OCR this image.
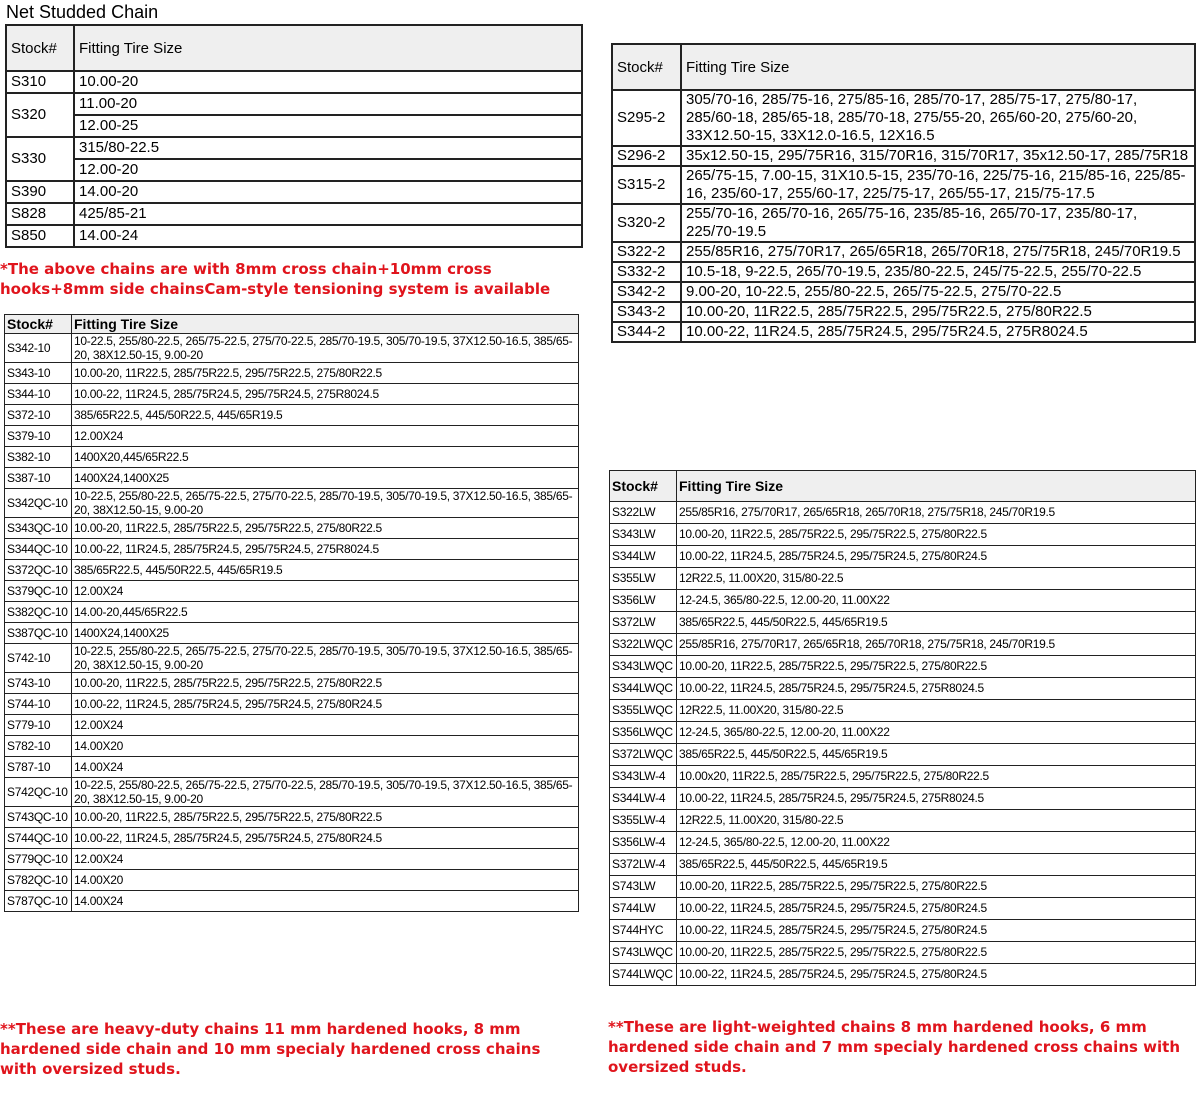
Net Studded Chain
Stock#	Fitting Tire Size
S310	10.00-20
S320	11.00-20
	12.00-25
S330	315/80-22.5
	12.00-20
S390	14.00-20
S828	425/85-21
S850	14.00-24
*The above chains are with 8mm cross chain+10mm cross hooks+8mm side chainsCam-style tensioning system is available
Stock#	Fitting Tire Size
S295-2	305/70-16, 285/75-16, 275/85-16, 285/70-17, 285/75-17, 275/80-17, 285/60-18, 285/65-18, 285/70-18, 275/55-20, 265/60-20, 275/60-20, 33X12.50-15, 33X12.0-16.5, 12X16.5
S296-2	35x12.50-15, 295/75R16, 315/70R16, 315/70R17, 35x12.50-17, 285/75R18
S315-2	265/75-15, 7.00-15, 31X10.5-15, 235/70-16, 225/75-16, 215/85-16, 225/85-16, 235/60-17, 255/60-17, 225/75-17, 265/55-17, 215/75-17.5
S320-2	255/70-16, 265/70-16, 265/75-16, 235/85-16, 265/70-17, 235/80-17, 225/70-19.5
S322-2	255/85R16, 275/70R17, 265/65R18, 265/70R18, 275/75R18, 245/70R19.5
S332-2	10.5-18, 9-22.5, 265/70-19.5, 235/80-22.5, 245/75-22.5, 255/70-22.5
S342-2	9.00-20, 10-22.5, 255/80-22.5, 265/75-22.5, 275/70-22.5
S343-2	10.00-20, 11R22.5, 285/75R22.5, 295/75R22.5, 275/80R22.5
S344-2	10.00-22, 11R24.5, 285/75R24.5, 295/75R24.5, 275R8024.5
Stock#	Fitting Tire Size
S342-10	10-22.5, 255/80-22.5, 265/75-22.5, 275/70-22.5, 285/70-19.5, 305/70-19.5, 37X12.50-16.5, 385/65-20, 38X12.50-15, 9.00-20
S343-10	10.00-20, 11R22.5, 285/75R22.5, 295/75R22.5, 275/80R22.5
S344-10	10.00-22, 11R24.5, 285/75R24.5, 295/75R24.5, 275R8024.5
S372-10	385/65R22.5, 445/50R22.5, 445/65R19.5
S379-10	12.00X24
S382-10	1400X20,445/65R22.5
S387-10	1400X24,1400X25
S342QC-10	10-22.5, 255/80-22.5, 265/75-22.5, 275/70-22.5, 285/70-19.5, 305/70-19.5, 37X12.50-16.5, 385/65-20, 38X12.50-15, 9.00-20
S343QC-10	10.00-20, 11R22.5, 285/75R22.5, 295/75R22.5, 275/80R22.5
S344QC-10	10.00-22, 11R24.5, 285/75R24.5, 295/75R24.5, 275R8024.5
S372QC-10	385/65R22.5, 445/50R22.5, 445/65R19.5
S379QC-10	12.00X24
S382QC-10	14.00-20,445/65R22.5
S387QC-10	1400X24,1400X25
S742-10	10-22.5, 255/80-22.5, 265/75-22.5, 275/70-22.5, 285/70-19.5, 305/70-19.5, 37X12.50-16.5, 385/65-20, 38X12.50-15, 9.00-20
S743-10	10.00-20, 11R22.5, 285/75R22.5, 295/75R22.5, 275/80R22.5
S744-10	10.00-22, 11R24.5, 285/75R24.5, 295/75R24.5, 275/80R24.5
S779-10	12.00X24
S782-10	14.00X20
S787-10	14.00X24
S742QC-10	10-22.5, 255/80-22.5, 265/75-22.5, 275/70-22.5, 285/70-19.5, 305/70-19.5, 37X12.50-16.5, 385/65-20, 38X12.50-15, 9.00-20
S743QC-10	10.00-20, 11R22.5, 285/75R22.5, 295/75R22.5, 275/80R22.5
S744QC-10	10.00-22, 11R24.5, 285/75R24.5, 295/75R24.5, 275/80R24.5
S779QC-10	12.00X24
S782QC-10	14.00X20
S787QC-10	14.00X24
**These are heavy-duty chains 11 mm hardened hooks, 8 mm hardened side chain and 10 mm specialy hardened cross chains with oversized studs.
Stock#	Fitting Tire Size
S322LW	255/85R16, 275/70R17, 265/65R18, 265/70R18, 275/75R18, 245/70R19.5
S343LW	10.00-20, 11R22.5, 285/75R22.5, 295/75R22.5, 275/80R22.5
S344LW	10.00-22, 11R24.5, 285/75R24.5, 295/75R24.5, 275/80R24.5
S355LW	12R22.5, 11.00X20, 315/80-22.5
S356LW	12-24.5, 365/80-22.5, 12.00-20, 11.00X22
S372LW	385/65R22.5, 445/50R22.5, 445/65R19.5
S322LWQC	255/85R16, 275/70R17, 265/65R18, 265/70R18, 275/75R18, 245/70R19.5
S343LWQC	10.00-20, 11R22.5, 285/75R22.5, 295/75R22.5, 275/80R22.5
S344LWQC	10.00-22, 11R24.5, 285/75R24.5, 295/75R24.5, 275R8024.5
S355LWQC	12R22.5, 11.00X20, 315/80-22.5
S356LWQC	12-24.5, 365/80-22.5, 12.00-20, 11.00X22
S372LWQC	385/65R22.5, 445/50R22.5, 445/65R19.5
S343LW-4	10.00x20, 11R22.5, 285/75R22.5, 295/75R22.5, 275/80R22.5
S344LW-4	10.00-22, 11R24.5, 285/75R24.5, 295/75R24.5, 275R8024.5
S355LW-4	12R22.5, 11.00X20, 315/80-22.5
S356LW-4	12-24.5, 365/80-22.5, 12.00-20, 11.00X22
S372LW-4	385/65R22.5, 445/50R22.5, 445/65R19.5
S743LW	10.00-20, 11R22.5, 285/75R22.5, 295/75R22.5, 275/80R22.5
S744LW	10.00-22, 11R24.5, 285/75R24.5, 295/75R24.5, 275/80R24.5
S744HYC	10.00-22, 11R24.5, 285/75R24.5, 295/75R24.5, 275/80R24.5
S743LWQC	10.00-20, 11R22.5, 285/75R22.5, 295/75R22.5, 275/80R22.5
S744LWQC	10.00-22, 11R24.5, 285/75R24.5, 295/75R24.5, 275/80R24.5
**These are light-weighted chains 8 mm hardened hooks, 6 mm hardened side chain and 7 mm specialy hardened cross chains with oversized studs.
